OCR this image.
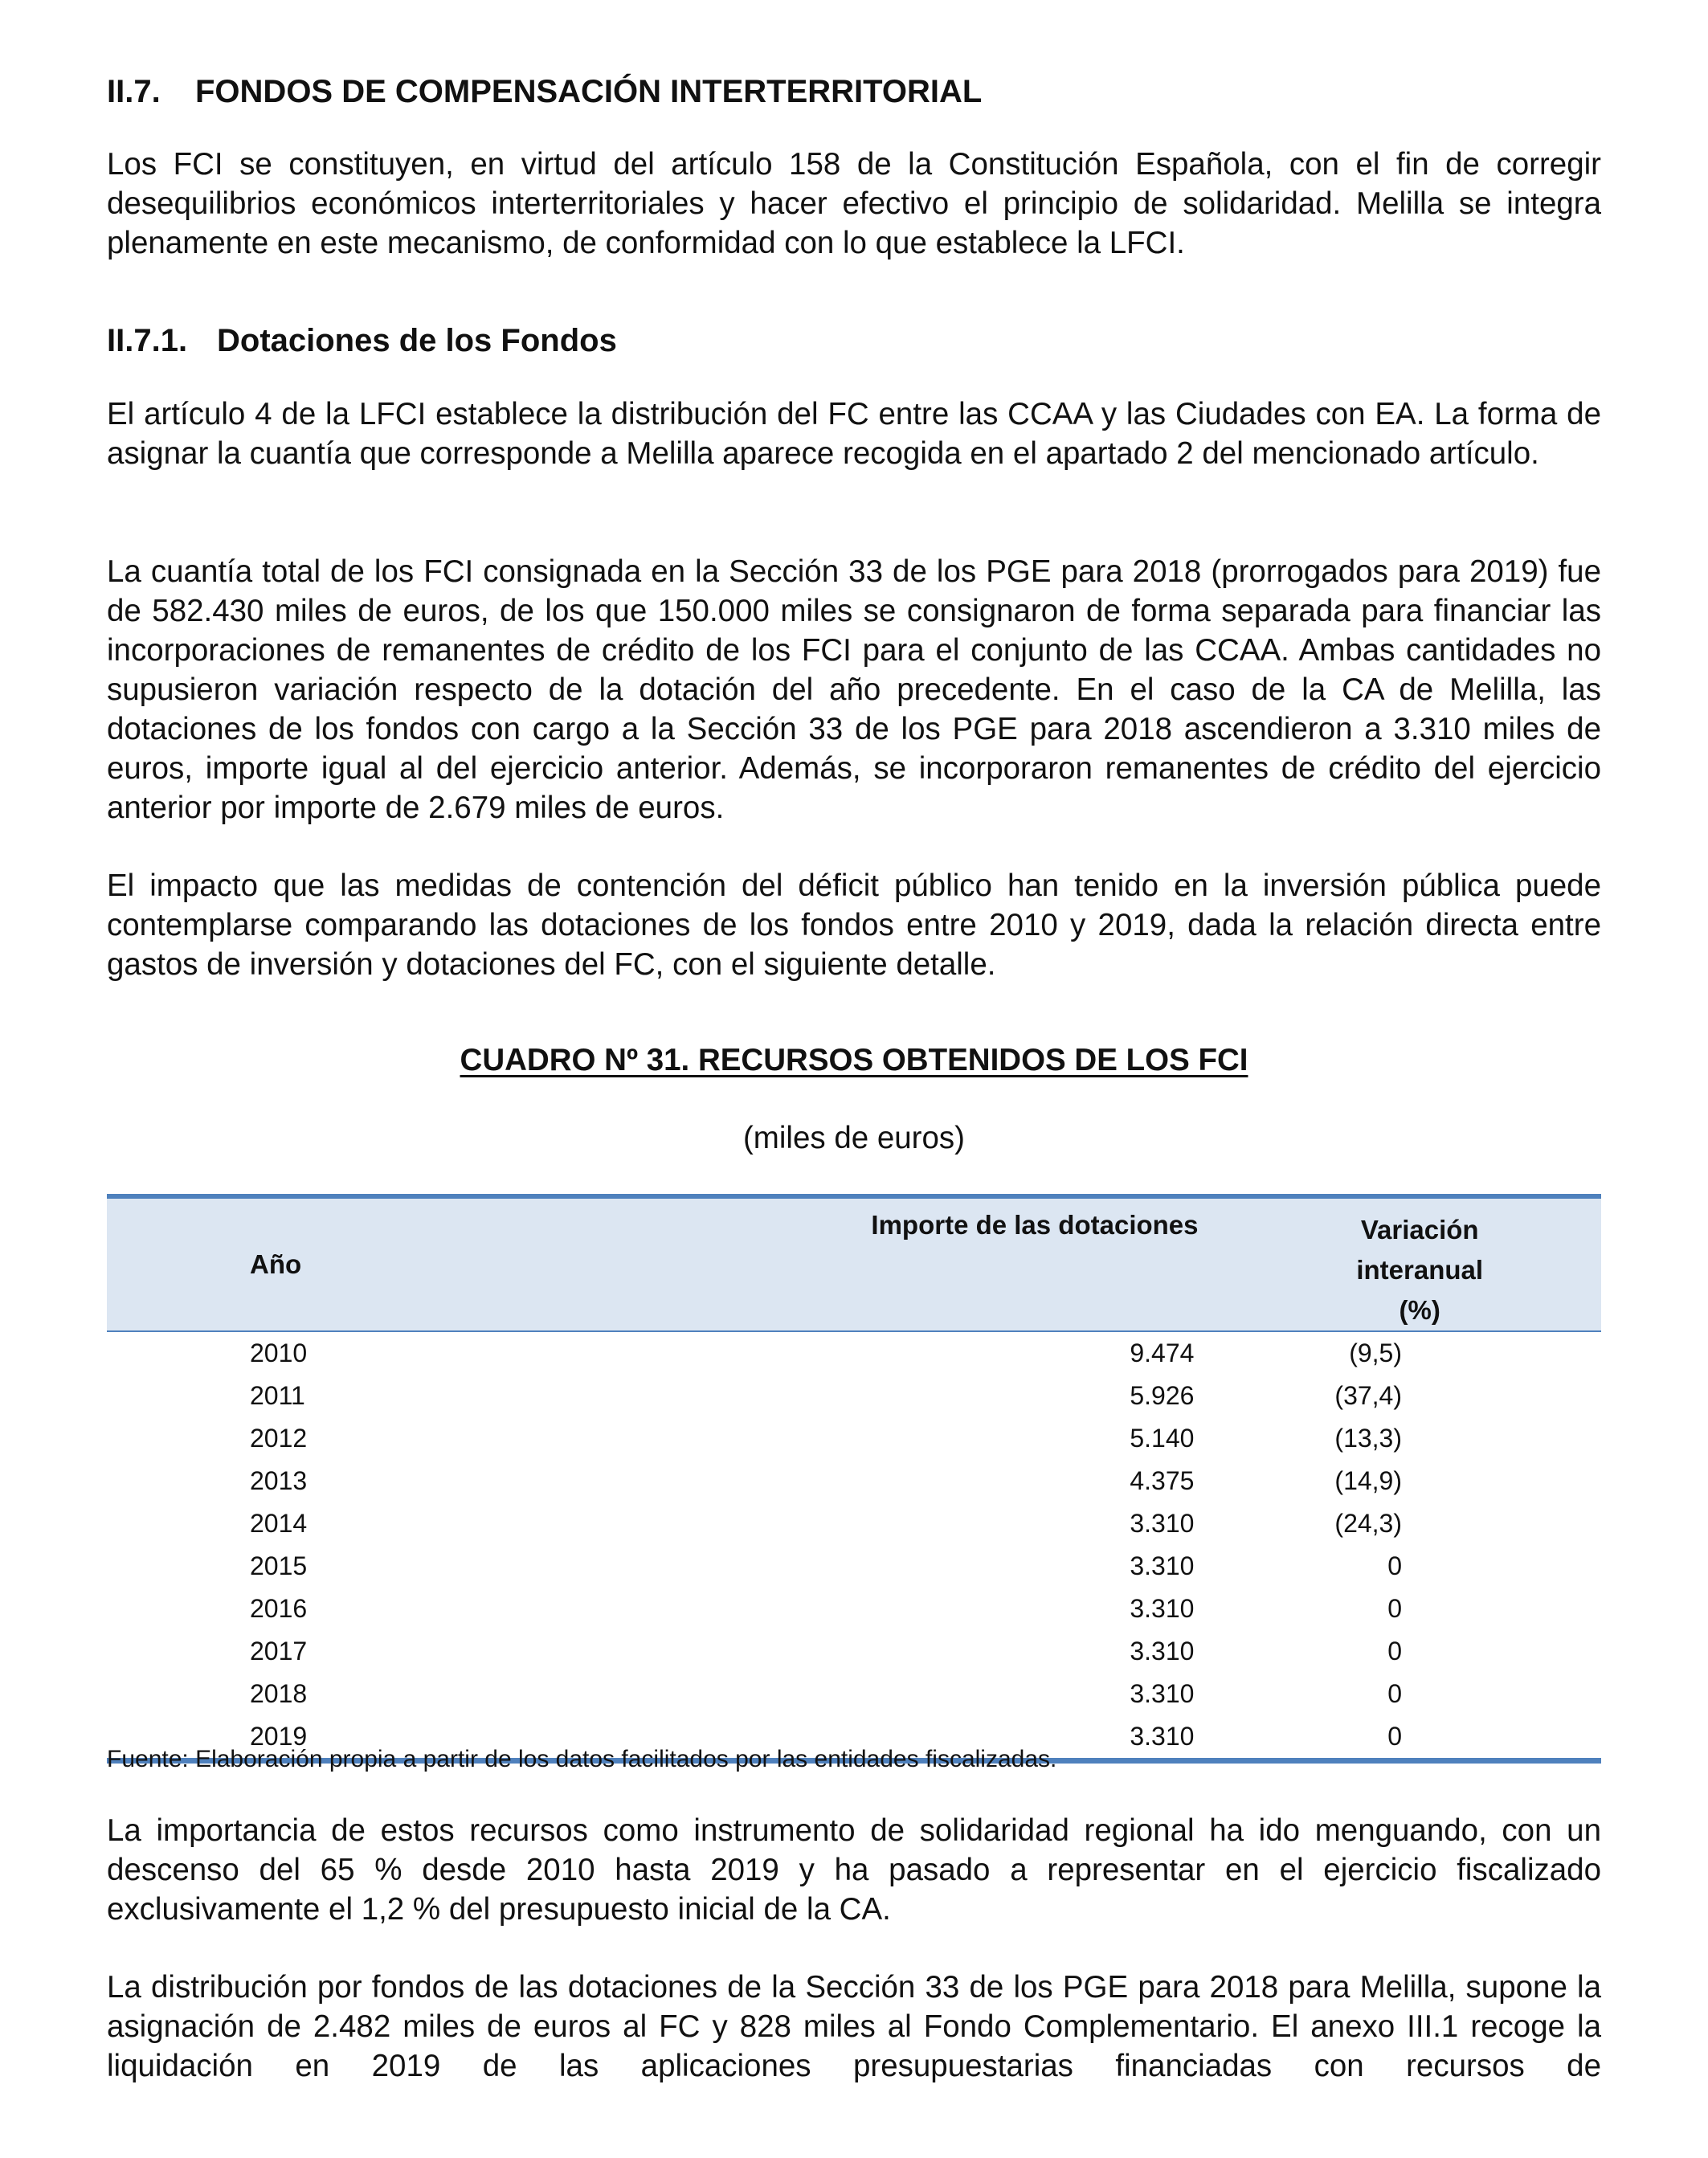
II.7. FONDOS DE COMPENSACIÓN INTERTERRITORIAL

Los FCI se constituyen, en virtud del artículo 158 de la Constitución Española, con el fin de corregir desequilibrios económicos interterritoriales y hacer efectivo el principio de solidaridad. Melilla se integra plenamente en este mecanismo, de conformidad con lo que establece la LFCI.

II.7.1. Dotaciones de los Fondos

El artículo 4 de la LFCI establece la distribución del FC entre las CCAA y las Ciudades con EA. La forma de asignar la cuantía que corresponde a Melilla aparece recogida en el apartado 2 del mencionado artículo.

La cuantía total de los FCI consignada en la Sección 33 de los PGE para 2018 (prorrogados para 2019) fue de 582.430 miles de euros, de los que 150.000 miles se consignaron de forma separada para financiar las incorporaciones de remanentes de crédito de los FCI para el conjunto de las CCAA. Ambas cantidades no supusieron variación respecto de la dotación del año precedente. En el caso de la CA de Melilla, las dotaciones de los fondos con cargo a la Sección 33 de los PGE para 2018 ascendieron a 3.310 miles de euros, importe igual al del ejercicio anterior. Además, se incorporaron remanentes de crédito del ejercicio anterior por importe de 2.679 miles de euros.

El impacto que las medidas de contención del déficit público han tenido en la inversión pública puede contemplarse comparando las dotaciones de los fondos entre 2010 y 2019, dada la relación directa entre gastos de inversión y dotaciones del FC, con el siguiente detalle.

CUADRO Nº 31. RECURSOS OBTENIDOS DE LOS FCI
(miles de euros)
Año	Importe de las dotaciones	Variación interanual
(%)
2010	9.474	(9,5)
2011	5.926	(37,4)
2012	5.140	(13,3)
2013	4.375	(14,9)
2014	3.310	(24,3)
2015	3.310	0
2016	3.310	0
2017	3.310	0
2018	3.310	0
2019	3.310	0
Fuente: Elaboración propia a partir de los datos facilitados por las entidades fiscalizadas.

La importancia de estos recursos como instrumento de solidaridad regional ha ido menguando, con un descenso del 65 % desde 2010 hasta 2019 y ha pasado a representar en el ejercicio fiscalizado exclusivamente el 1,2 % del presupuesto inicial de la CA.

La distribución por fondos de las dotaciones de la Sección 33 de los PGE para 2018 para Melilla, supone la asignación de 2.482 miles de euros al FC y 828 miles al Fondo Complementario. El anexo III.1 recoge la liquidación en 2019 de las aplicaciones presupuestarias financiadas con recursos de
